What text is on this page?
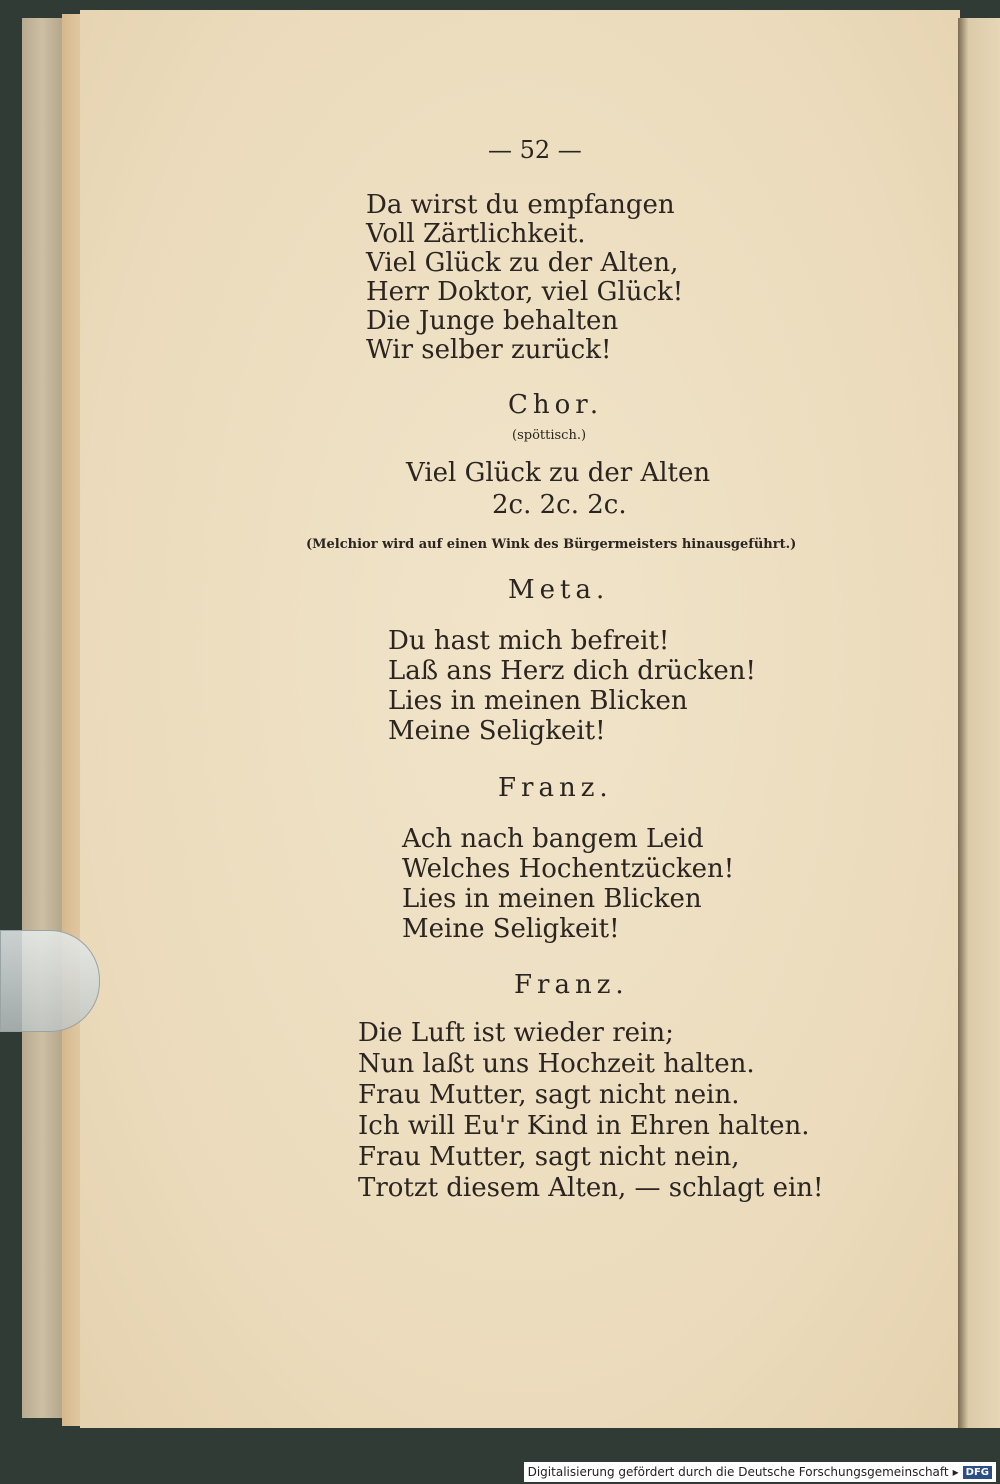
— 52 —

Da wirst du empfangen

Voll Zärtlichkeit.

Viel Glück zu der Alten,

Herr Doktor, viel Glück!

Die Junge behalten

Wir selber zurück!

Chor.

(spöttisch.)

Viel Glück zu der Alten

2c. 2c. 2c.

(Melchior wird auf einen Wink des Bürgermeisters hinausgeführt.)

Meta.

Du hast mich befreit!

Laß ans Herz dich drücken!

Lies in meinen Blicken

Meine Seligkeit!

Franz.

Ach nach bangem Leid

Welches Hochentzücken!

Lies in meinen Blicken

Meine Seligkeit!

Franz.

Die Luft ist wieder rein;

Nun laßt uns Hochzeit halten.

Frau Mutter, sagt nicht nein.

Ich will Eu'r Kind in Ehren halten.

Frau Mutter, sagt nicht nein,

Trotzt diesem Alten, — schlagt ein!

Digitalisierung gefördert durch die Deutsche Forschungsgemeinschaft ▸ DFG
